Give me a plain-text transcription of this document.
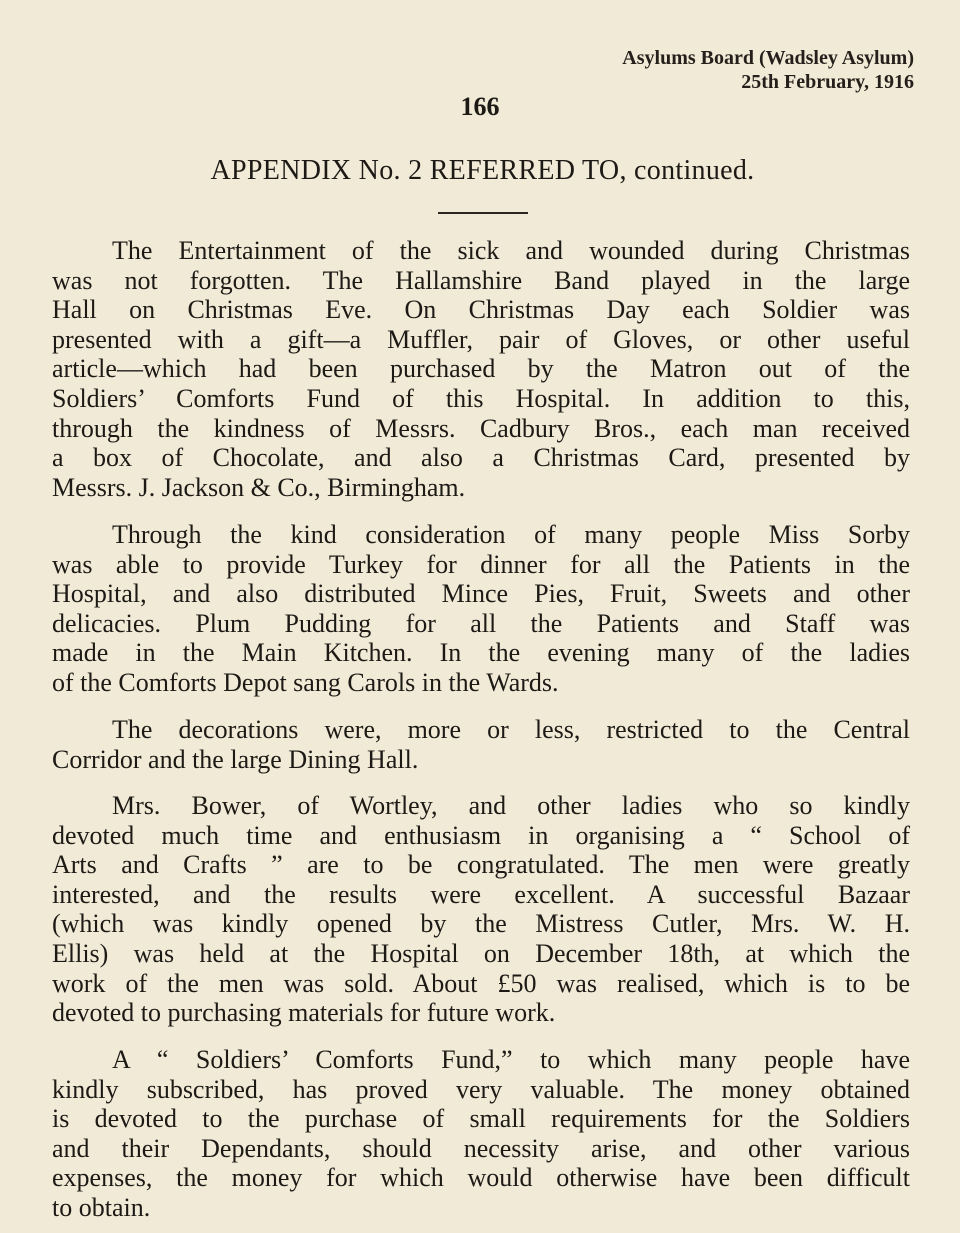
Asylums Board (Wadsley Asylum)
25th February, 1916
166
APPENDIX No. 2 REFERRED TO, continued.
The Entertainment of the sick and wounded during Christmas
was not forgotten. The Hallamshire Band played in the large
Hall on Christmas Eve. On Christmas Day each Soldier was
presented with a gift—a Muffler, pair of Gloves, or other useful
article—which had been purchased by the Matron out of the
Soldiers’ Comforts Fund of this Hospital. In addition to this,
through the kindness of Messrs. Cadbury Bros., each man received
a box of Chocolate, and also a Christmas Card, presented by
Messrs. J. Jackson & Co., Birmingham.
Through the kind consideration of many people Miss Sorby
was able to provide Turkey for dinner for all the Patients in the
Hospital, and also distributed Mince Pies, Fruit, Sweets and other
delicacies. Plum Pudding for all the Patients and Staff was
made in the Main Kitchen. In the evening many of the ladies
of the Comforts Depot sang Carols in the Wards.
The decorations were, more or less, restricted to the Central
Corridor and the large Dining Hall.
Mrs. Bower, of Wortley, and other ladies who so kindly
devoted much time and enthusiasm in organising a “ School of
Arts and Crafts ” are to be congratulated. The men were greatly
interested, and the results were excellent. A successful Bazaar
(which was kindly opened by the Mistress Cutler, Mrs. W. H.
Ellis) was held at the Hospital on December 18th, at which the
work of the men was sold. About £50 was realised, which is to be
devoted to purchasing materials for future work.
A “ Soldiers’ Comforts Fund,” to which many people have
kindly subscribed, has proved very valuable. The money obtained
is devoted to the purchase of small requirements for the Soldiers
and their Dependants, should necessity arise, and other various
expenses, the money for which would otherwise have been difficult
to obtain.
